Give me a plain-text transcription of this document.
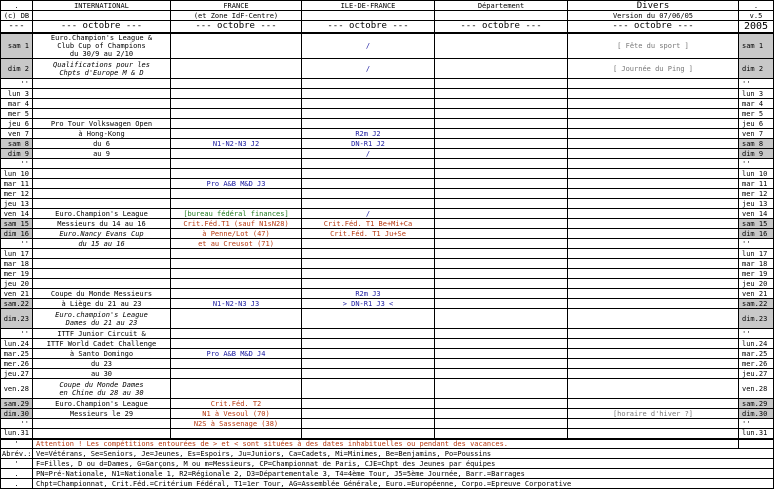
.	INTERNATIONAL	FRANCE	ILE-DE-FRANCE	Département	Divers	.
(c) DB		(et Zone IdF-Centre)			Version du 07/06/05	v.5
---	--- octobre ---	--- octobre ---	--- octobre ---	--- octobre ---	--- octobre ---	2005
sam 1	Euro.Champion's League &
Club Cup of Champions
du 30/9 au 2/10		/		[ Fête du sport ]	sam 1
dim 2	Qualifications pour les
Chpts d'Europe M & D		/		[ Journée du Ping ]	dim 2
''						''
lun 3						lun 3
mar 4						mar 4
mer 5						mer 5
jeu 6	Pro Tour Volkswagen Open					jeu 6
ven 7	à Hong-Kong		R2m J2			ven 7
sam 8	du 6	N1-N2-N3 J2	DN-R1 J2			sam 8
dim 9	au 9		/			dim 9
''						''
lun 10						lun 10
mar 11		Pro A&B M&D J3				mar 11
mer 12						mer 12
jeu 13						jeu 13
ven 14	Euro.Champion's League	[bureau fédéral finances]	/			ven 14
sam 15	Messieurs du 14 au 16	Crit.Féd.T1 (sauf N1sN28)	Crit.Féd. T1 Be+Mi+Ca			sam 15
dim 16	Euro.Nancy Evans Cup	à Penne/Lot (47)	Crit.Féd. T1 Ju+Se			dim 16
''	du 15 au 16	et au Creusot (71)				''
lun 17						lun 17
mar 18						mar 18
mer 19						mer 19
jeu 20						jeu 20
ven 21	Coupe du Monde Messieurs		R2m J3			ven 21
sam.22	à Liège du 21 au 23	N1-N2-N3 J3	> DN-R1 J3 <			sam.22
dim.23	Euro.champion's League
Dames du 21 au 23					dim.23
''	ITTF Junior Circuit &					''
lun.24	ITTF World Cadet Challenge					lun.24
mar.25	à Santo Domingo	Pro A&B M&D J4				mar.25
mer.26	du 23					mer.26
jeu.27	au 30					jeu.27
ven.28	Coupe du Monde Dames
en Chine du 28 au 30					ven.28
sam.29	Euro.Champion's League	Crit.Féd. T2				sam.29
dim.30	Messieurs le 29	N1 à Vesoul (70)			[horaire d'hiver ?]	dim.30
''		N2S à Sassenage (38)				''
lun.31						lun.31
'	Attention ! Les compétitions entourées de > et < sont situées à des dates inhabituelles ou pendant des vacances.					
Abrév.:	Ve=Vétérans, Se=Seniors, Je=Jeunes, Es=Espoirs, Ju=Juniors, Ca=Cadets, Mi=Minimes, Be=Benjamins, Po=Poussins					
'	F=Filles, D ou d=Dames, G=Garçons, M ou m=Messieurs, CP=Championnat de Paris, CJE=Chpt des Jeunes par équipes					
.	PN=Pré-Nationale, N1=Nationale 1, R2=Régionale 2, D3=Départementale 3, T4=4ème Tour, J5=5ème Journée, Barr.=Barrages					
.	Chpt=Championnat, Crit.Féd.=Critérium Fédéral, T1=1er Tour, AG=Assemblée Générale, Euro.=Européenne, Corpo.=Epreuve Corporative					
